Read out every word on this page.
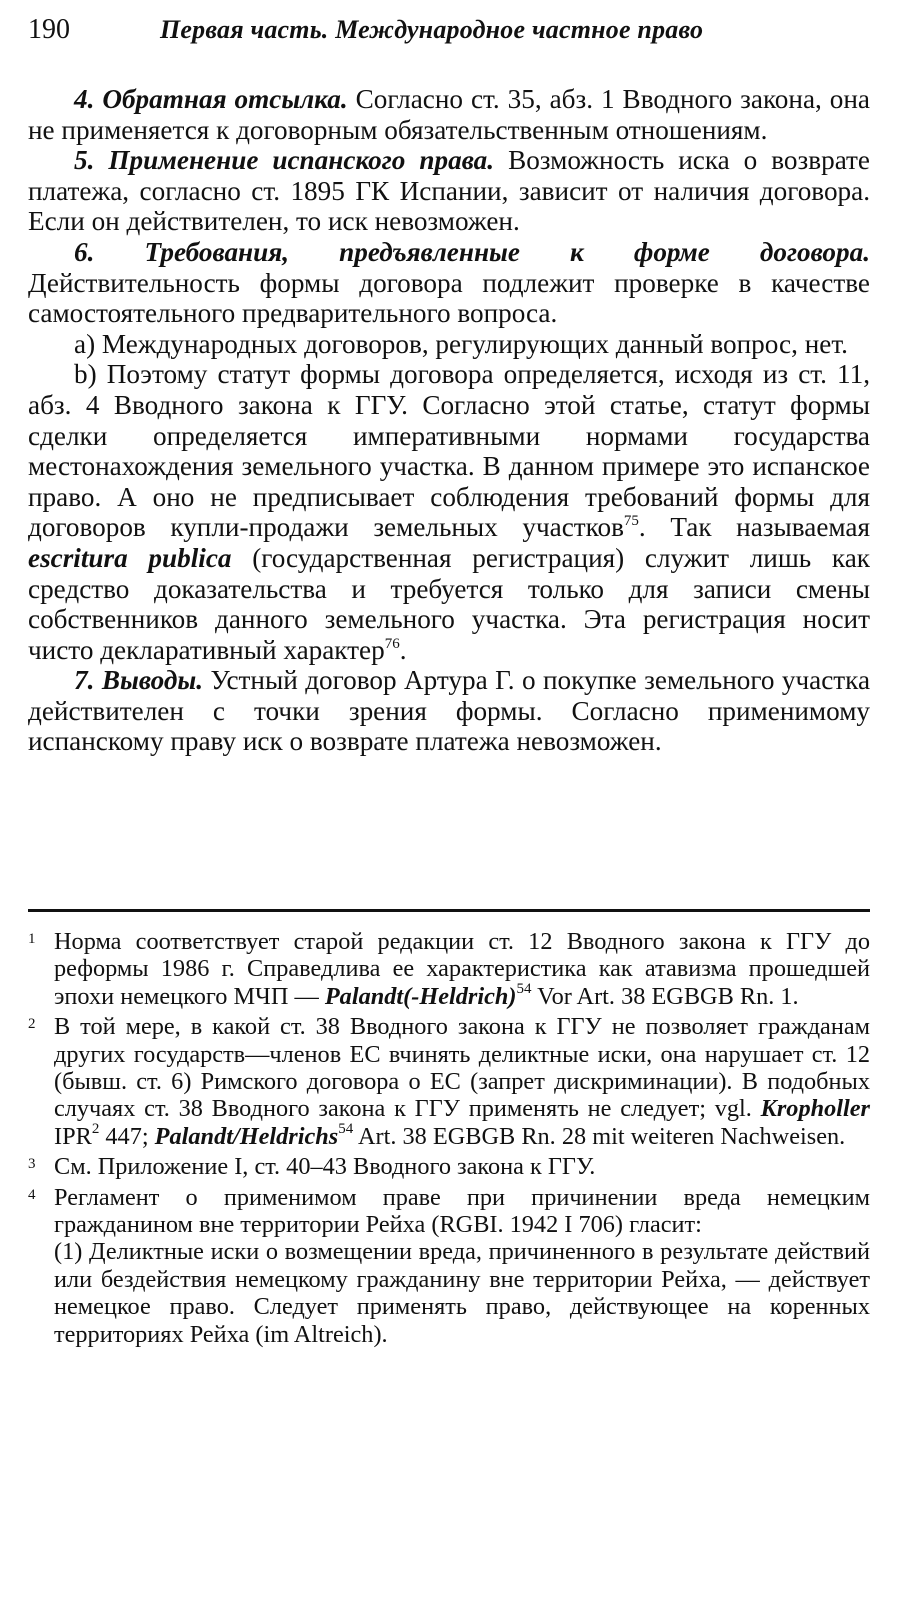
190	Первая часть. Международное частное право

4. Обратная отсылка. Согласно ст. 35, абз. 1 Вводного закона, она не применяется к договорным обязательственным отношениям.

5. Применение испанского права. Возможность иска о возврате платежа, согласно ст. 1895 ГК Испании, зависит от наличия договора. Если он действителен, то иск невозможен.

6. Требования, предъявленные к форме договора. Действительность формы договора подлежит проверке в качестве самостоятельного предварительного вопроса.

а) Международных договоров, регулирующих данный вопрос, нет.

b) Поэтому статут формы договора определяется, исходя из ст. 11, абз. 4 Вводного закона к ГГУ. Согласно этой статье, статут формы сделки определяется императивными нормами государства местонахождения земельного участка. В данном примере это испанское право. А оно не предписывает соблюдения требований формы для договоров купли-продажи земельных участков$^{75}$. Так называемая escritura publica (государственная регистрация) служит лишь как средство доказательства и требуется только для записи смены собственников данного земельного участка. Эта регистрация носит чисто декларативный характер$^{76}$.

7. Выводы. Устный договор Артура Г. о покупке земельного участка действителен с точки зрения формы. Согласно применимому испанскому праву иск о возврате платежа невозможен.

1 Норма соответствует старой редакции ст. 12 Вводного закона к ГГУ до реформы 1986 г. Справедлива ее характеристика как атавизма прошедшей эпохи немецкого МЧП — Palandt(-Heldrich)$^{54}$ Vor Art. 38 EGBGB Rn. 1.

2 В той мере, в какой ст. 38 Вводного закона к ГГУ не позволяет гражданам других государств—членов ЕС вчинять деликтные иски, она нарушает ст. 12 (бывш. ст. 6) Римского договора о ЕС (запрет дискриминации). В подобных случаях ст. 38 Вводного закона к ГГУ применять не следует; vgl. Kropholler IPR$^2$ 447; Palandt/Heldrichs$^{54}$ Art. 38 EGBGB Rn. 28 mit weiteren Nachweisen.

3 См. Приложение I, ст. 40–43 Вводного закона к ГГУ.

4 Регламент о применимом праве при причинении вреда немецким гражданином вне территории Рейха (RGBI. 1942 I 706) гласит:

(1) Деликтные иски о возмещении вреда, причиненного в результате действий или бездействия немецкому гражданину вне территории Рейха, — действует немецкое право. Следует применять право, действующее на коренных территориях Рейха (im Altreich).
